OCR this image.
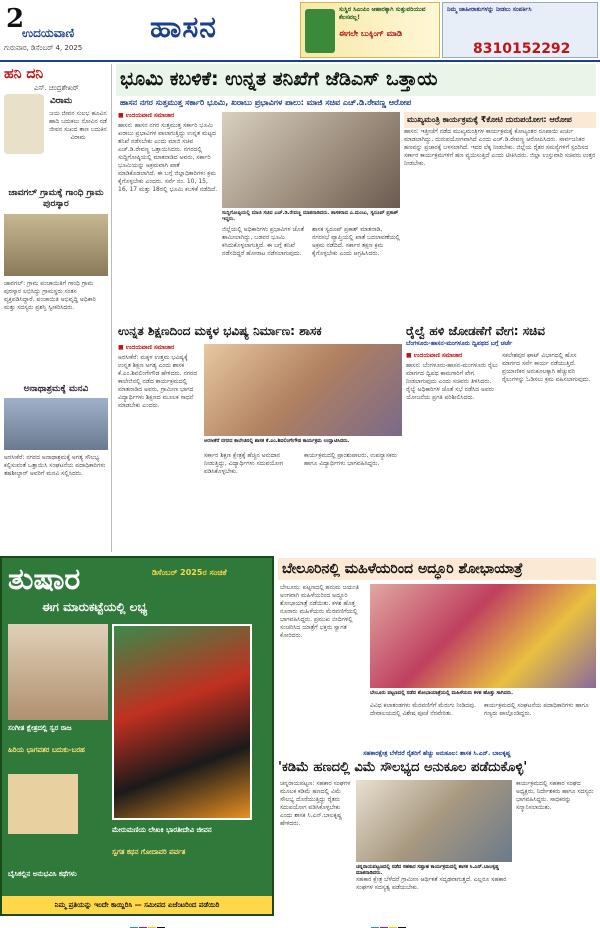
2
ಉದಯವಾಣಿ
ಗುರುವಾರ, ಡಿಸೆಂಬರ್ 4, 2025
ಹಾಸನ
ಸುಸ್ಥಿರ ಸಿಎಂಪಿಂ ಆಹಾರಕ್ಕಾಗಿ ಸುತ್ತುವರಿಯುವ ಕೆಲಸವಲ್ಲ!
ಈಗಲೇ ಬುಕ್ಕಿಂಗ್ ಮಾಡಿ
ನಿಮ್ಮ ಜಾಹೀರಾತುಗಳನ್ನು ನೀಡಲು ಸಂಪರ್ಕಿಸಿ
8310152292
ಹನಿ ದನಿ
ಎಸ್. ಚಂದ್ರಶೇಖರ್
ವಿರಾಮ
ಜಯ ಜೀವನ ಸುಲಭ ಹೂವಿನ ಹಾದಿ ಬದುಕಲು ನೋವಿನ ನಡೆ ಜೀವನ ಸುಖದ ತಾಣ ಬದುಕಿನ ವಿರಾಮ
ಜಾವಗಲ್ ಗ್ರಾಮಕ್ಕೆ ಗಾಂಧಿ ಗ್ರಾಮ ಪುರಸ್ಕಾರ
ಜಾವಗಲ್: ಗ್ರಾಮ ಪಂಚಾಯಿತಿಗೆ ಗಾಂಧಿ ಗ್ರಾಮ ಪುರಸ್ಕಾರ ಲಭಿಸಿದ್ದು ಗ್ರಾಮಸ್ಥರು ಸಂತಸ ವ್ಯಕ್ತಪಡಿಸಿದ್ದಾರೆ. ಪಂಚಾಯಿತಿ ಅಭಿವೃದ್ಧಿ ಅಧಿಕಾರಿ ಮತ್ತು ಸದಸ್ಯರು ಪ್ರಶಸ್ತಿ ಸ್ವೀಕರಿಸಿದರು.
ಅನಾಥಾಶ್ರಮಕ್ಕೆ ಮನವಿ
ಅರಸೀಕೆರೆ: ನಗರದ ಅನಾಥಾಶ್ರಮಕ್ಕೆ ಅಗತ್ಯ ಸೌಲಭ್ಯ ಕಲ್ಪಿಸುವಂತೆ ಒತ್ತಾಯಿಸಿ ಸಂಘಟನೆಯ ಪದಾಧಿಕಾರಿಗಳು ತಹಶೀಲ್ದಾರ್ ಅವರಿಗೆ ಮನವಿ ಸಲ್ಲಿಸಿದರು.
ಭೂಮಿ ಕಬಳಿಕೆ: ಉನ್ನತ ತನಿಖೆಗೆ ಜೆಡಿಎಸ್ ಒತ್ತಾಯ
ಹಾಸನ ನಗರ ಸುತ್ತಮುತ್ತ ಸರ್ಕಾರಿ ಭೂಮಿ, ಖರಾಬು ಪ್ರಭಾವಿಗಳ ಪಾಲು: ಮಾಜಿ ಸಚಿವ ಎಚ್.ಡಿ.ರೇವಣ್ಣ ಆರೋಪ
■ ಉದಯವಾಣಿ ಸಮಾಚಾರ
ಹಾಸನ: ಹಾಸನ ನಗರ ಸುತ್ತಮುತ್ತ ಸರ್ಕಾರಿ ಭೂಮಿ ಖರಾಬು ಪ್ರಭಾವಿಗಳ ಪಾಲಾಗುತ್ತಿದ್ದು ಉನ್ನತ ಮಟ್ಟದ ತನಿಖೆ ನಡೆಸಬೇಕು ಎಂದು ಮಾಜಿ ಸಚಿವ ಎಚ್.ಡಿ.ರೇವಣ್ಣ ಒತ್ತಾಯಿಸಿದರು. ನಗರದಲ್ಲಿ ಸುದ್ದಿಗೋಷ್ಠಿಯಲ್ಲಿ ಮಾತನಾಡಿದ ಅವರು, ಸರ್ಕಾರಿ ಭೂಮಿಯನ್ನು ಅಕ್ರಮವಾಗಿ ಖಾತೆ ಮಾಡಿಕೊಡಲಾಗಿದೆ. ಈ ಬಗ್ಗೆ ಜಿಲ್ಲಾಧಿಕಾರಿಗಳು ಕ್ರಮ ಕೈಗೊಳ್ಳಬೇಕು ಎಂದರು. ಸರ್ವೆ ನಂ. 10, 15, 16, 17 ಮತ್ತು 18ರಲ್ಲಿ ಭೂಮಿ ಕಬಳಿಕೆ ನಡೆದಿದೆ.
ಸುದ್ದಿಗೋಷ್ಠಿಯಲ್ಲಿ ಮಾಜಿ ಸಚಿವ ಎಚ್.ಡಿ.ರೇವಣ್ಣ ಮಾತನಾಡಿದರು. ಶಾಸಕರಾದ ಎ.ಮಂಜು, ಸ್ವರೂಪ್ ಪ್ರಕಾಶ್ ಇದ್ದರು.
ಜಿಲ್ಲೆಯಲ್ಲಿ ಅಧಿಕಾರಿಗಳು ಪ್ರಭಾವಿಗಳ ಜೊತೆ ಶಾಮೀಲಾಗಿದ್ದು, ಬಡವರ ಭೂಮಿ ಕಸಿದುಕೊಳ್ಳಲಾಗುತ್ತಿದೆ. ಈ ಬಗ್ಗೆ ತನಿಖೆ ನಡೆಸದಿದ್ದರೆ ಹೋರಾಟ ನಡೆಸಲಾಗುವುದು.
ಶಾಸಕ ಸ್ವರೂಪ್ ಪ್ರಕಾಶ್ ಮಾತನಾಡಿ, ನಗರಸಭೆ ವ್ಯಾಪ್ತಿಯಲ್ಲಿ ಖಾತೆ ಬದಲಾವಣೆಯಲ್ಲಿ ಅಕ್ರಮ ನಡೆದಿದೆ. ಸರ್ಕಾರ ತಕ್ಷಣ ಕ್ರಮ ಕೈಗೊಳ್ಳಬೇಕು ಎಂದು ಆಗ್ರಹಿಸಿದರು.
ಮುಖ್ಯಮಂತ್ರಿ ಕಾರ್ಯಕ್ರಮಕ್ಕೆ ₹ಕೋಟಿ ದುರುಪಯೋಗ: ಆರೋಪ
ಹಾಸನ: ಇತ್ತೀಚೆಗೆ ನಡೆದ ಮುಖ್ಯಮಂತ್ರಿಗಳ ಕಾರ್ಯಕ್ರಮಕ್ಕೆ ಕೋಟ್ಯಂತರ ರೂಪಾಯಿ ಖರ್ಚು ಮಾಡಲಾಗಿದ್ದು, ದುರುಪಯೋಗವಾಗಿದೆ ಎಂದು ಎಚ್.ಡಿ.ರೇವಣ್ಣ ಆರೋಪಿಸಿದರು. ಸಾರ್ವಜನಿಕರ ಹಣವನ್ನು ಪ್ರಚಾರಕ್ಕೆ ಬಳಸಲಾಗಿದೆ. ಇದರ ಲೆಕ್ಕ ನೀಡಬೇಕು. ಜಿಲ್ಲೆಯ ರೈತರ ಸಮಸ್ಯೆಗಳಿಗೆ ಸ್ಪಂದಿಸದ ಸರ್ಕಾರ ಕಾರ್ಯಕ್ರಮಗಳಿಗೆ ಹಣ ವ್ಯಯಿಸುತ್ತಿದೆ ಎಂದು ಟೀಕಿಸಿದರು. ಜಿಲ್ಲಾ ಉಸ್ತುವಾರಿ ಸಚಿವರು ಉತ್ತರ ನೀಡಬೇಕು.
ಉನ್ನತ ಶಿಕ್ಷಣದಿಂದ ಮಕ್ಕಳ ಭವಿಷ್ಯ ನಿರ್ಮಾಣ: ಶಾಸಕ
■ ಉದಯವಾಣಿ ಸಮಾಚಾರ
ಅರಸೀಕೆರೆ: ಮಕ್ಕಳ ಉತ್ತಮ ಭವಿಷ್ಯಕ್ಕೆ ಉನ್ನತ ಶಿಕ್ಷಣ ಅಗತ್ಯ ಎಂದು ಶಾಸಕ ಕೆ.ಎಂ.ಶಿವಲಿಂಗೇಗೌಡ ಹೇಳಿದರು. ನಗರದ ಕಾಲೇಜಿನಲ್ಲಿ ನಡೆದ ಕಾರ್ಯಕ್ರಮದಲ್ಲಿ ಮಾತನಾಡಿದ ಅವರು, ಗ್ರಾಮೀಣ ಭಾಗದ ವಿದ್ಯಾರ್ಥಿಗಳು ಶಿಕ್ಷಣದ ಮೂಲಕ ಸಾಧನೆ ಮಾಡಬೇಕು ಎಂದರು.
ಅರಸೀಕೆರೆ ನಗರದ ಕಾಲೇಜಿನಲ್ಲಿ ಶಾಸಕ ಕೆ.ಎಂ.ಶಿವಲಿಂಗೇಗೌಡ ಕಾರ್ಯಕ್ರಮ ಉದ್ಘಾಟಿಸಿದರು.
ಸರ್ಕಾರ ಶಿಕ್ಷಣ ಕ್ಷೇತ್ರಕ್ಕೆ ಹೆಚ್ಚಿನ ಅನುದಾನ ನೀಡುತ್ತಿದ್ದು, ವಿದ್ಯಾರ್ಥಿಗಳು ಸದುಪಯೋಗ ಪಡಿಸಿಕೊಳ್ಳಬೇಕು.
ಕಾರ್ಯಕ್ರಮದಲ್ಲಿ ಪ್ರಾಂಶುಪಾಲರು, ಉಪನ್ಯಾಸಕರು ಹಾಗೂ ವಿದ್ಯಾರ್ಥಿಗಳು ಭಾಗವಹಿಸಿದ್ದರು.
ರೈಲ್ವೆ ಹಳಿ ಜೋಡಣೆಗೆ ವೇಗ: ಸಚಿವ
ಬೆಂಗಳೂರು-ಹಾಸನ-ಮಂಗಳೂರು ದ್ವಿಪಥದ ಬಗ್ಗೆ ಚರ್ಚೆ
■ ಉದಯವಾಣಿ ಸಮಾಚಾರ
ಹಾಸನ: ಬೆಂಗಳೂರು-ಹಾಸನ-ಮಂಗಳೂರು ರೈಲು ಮಾರ್ಗದ ದ್ವಿಪಥ ಕಾಮಗಾರಿಗೆ ವೇಗ ನೀಡಲಾಗುವುದು ಎಂದು ಸಚಿವರು ತಿಳಿಸಿದರು. ರೈಲ್ವೆ ಅಧಿಕಾರಿಗಳ ಜೊತೆ ಸಭೆ ನಡೆಸಿದ ಅವರು ಯೋಜನೆಯ ಪ್ರಗತಿ ಪರಿಶೀಲಿಸಿದರು.
ಸಕಲೇಶಪುರ ಘಾಟ್ ವಿಭಾಗದಲ್ಲಿ ಹೊಸ ಮಾರ್ಗದ ಸರ್ವೆ ಕಾರ್ಯ ನಡೆಯುತ್ತಿದೆ. ಪ್ರಯಾಣಿಕರ ಅನುಕೂಲಕ್ಕಾಗಿ ಹೆಚ್ಚುವರಿ ರೈಲುಗಳನ್ನು ಓಡಿಸಲು ಕ್ರಮ ವಹಿಸಲಾಗುವುದು.
ತುಷಾರ	ಡಿಸೆಂಬರ್ 2025ರ ಸಂಚಿಕೆ
ಈಗ ಮಾರುಕಟ್ಟೆಯಲ್ಲಿ ಲಭ್ಯ
ಸಂಗೀತ ಕ್ಷೇತ್ರದಲ್ಲಿ ಸ್ವರ ರಾಜ
ಹಿರಿಯ ಭಾಗವತರ ಬದುಕು-ಬರಹ
ಮೇರುಮಣಿಯ ಲೇಖಕಿ ಭಾರತೀದೇವಿ ಜೀವನ
ಸ್ವಗತ ಕಥನ ಗೋದಾವರಿ ಪರ್ವತ
ಬೈಸಿಕಲ್ಲಿನ ಅನುಭವಿಸಿ ಕಥೆಗಳು
ನಿಮ್ಮ ಪ್ರತಿಯನ್ನು ಇಂದೇ ಕಾಯ್ದಿರಿಸಿ — ಸಮೀಪದ ಏಜೆಂಟರಿಂದ ಪಡೆಯಿರಿ
ಬೇಲೂರಿನಲ್ಲಿ ಮಹಿಳೆಯರಿಂದ ಅದ್ಧೂರಿ ಶೋಭಾಯಾತ್ರೆ
ಬೇಲೂರು: ಪಟ್ಟಣದಲ್ಲಿ ಹನುಮ ಜಯಂತಿ ಅಂಗವಾಗಿ ಮಹಿಳೆಯರಿಂದ ಅದ್ಧೂರಿ ಶೋಭಾಯಾತ್ರೆ ನಡೆಯಿತು. ಕಳಶ ಹೊತ್ತ ನೂರಾರು ಮಹಿಳೆಯರು ಮೆರವಣಿಗೆಯಲ್ಲಿ ಭಾಗವಹಿಸಿದ್ದರು. ಪ್ರಮುಖ ಬೀದಿಗಳಲ್ಲಿ ಸಂಚರಿಸಿದ ಯಾತ್ರೆಗೆ ಭಕ್ತರು ಸ್ವಾಗತ ಕೋರಿದರು.
ಬೇಲೂರು ಪಟ್ಟಣದಲ್ಲಿ ನಡೆದ ಶೋಭಾಯಾತ್ರೆಯಲ್ಲಿ ಮಹಿಳೆಯರು ಕಳಶ ಹೊತ್ತು ಸಾಗಿದರು.
ವಿವಿಧ ಕಲಾತಂಡಗಳು ಮೆರವಣಿಗೆಗೆ ಮೆರುಗು ನೀಡಿದವು. ದೇವಾಲಯದಲ್ಲಿ ವಿಶೇಷ ಪೂಜೆ ನೆರವೇರಿತು.
ಕಾರ್ಯಕ್ರಮದಲ್ಲಿ ಸಂಘಟನೆಯ ಪದಾಧಿಕಾರಿಗಳು ಹಾಗೂ ಗಣ್ಯರು ಪಾಲ್ಗೊಂಡಿದ್ದರು.
ಸಹಕಾರಕ್ಷೇತ್ರ ಬೆಳೆದರೆ ರೈತರಿಗೆ ಹೆಚ್ಚು ಅನುಕೂಲ: ಶಾಸಕ ಸಿ.ಎನ್. ಬಾಲಕೃಷ್ಣ
'ಕಡಿಮೆ ಹಣದಲ್ಲಿ ವಿಮೆ ಸೌಲಭ್ಯದ ಅನುಕೂಲ ಪಡೆದುಕೊಳ್ಳಿ'
ಚನ್ನರಾಯಪಟ್ಟಣ: ಸಹಕಾರ ಸಂಘಗಳ ಮೂಲಕ ಕಡಿಮೆ ಹಣದಲ್ಲಿ ವಿಮೆ ಸೌಲಭ್ಯ ದೊರೆಯುತ್ತಿದ್ದು ರೈತರು ಸದುಪಯೋಗ ಪಡಿಸಿಕೊಳ್ಳಬೇಕು ಎಂದು ಶಾಸಕ ಸಿ.ಎನ್.ಬಾಲಕೃಷ್ಣ ಹೇಳಿದರು.
ಚನ್ನರಾಯಪಟ್ಟಣದಲ್ಲಿ ನಡೆದ ಸಹಕಾರ ಸಪ್ತಾಹ ಕಾರ್ಯಕ್ರಮದಲ್ಲಿ ಶಾಸಕ ಸಿ.ಎನ್.ಬಾಲಕೃಷ್ಣ ಮಾತನಾಡಿದರು.
ಸಹಕಾರ ಕ್ಷೇತ್ರ ಬೆಳೆದರೆ ಗ್ರಾಮೀಣ ಆರ್ಥಿಕತೆ ಸದೃಢವಾಗುತ್ತದೆ. ಎಲ್ಲರೂ ಸಹಕಾರ ಸಂಘಗಳ ಸದಸ್ಯತ್ವ ಪಡೆಯಬೇಕು.
ಕಾರ್ಯಕ್ರಮದಲ್ಲಿ ಸಹಕಾರ ಸಂಘದ ಅಧ್ಯಕ್ಷರು, ನಿರ್ದೇಶಕರು ಹಾಗೂ ಸದಸ್ಯರು ಭಾಗವಹಿಸಿದ್ದರು. ಸಾಧಕರನ್ನು ಸನ್ಮಾನಿಸಲಾಯಿತು.
